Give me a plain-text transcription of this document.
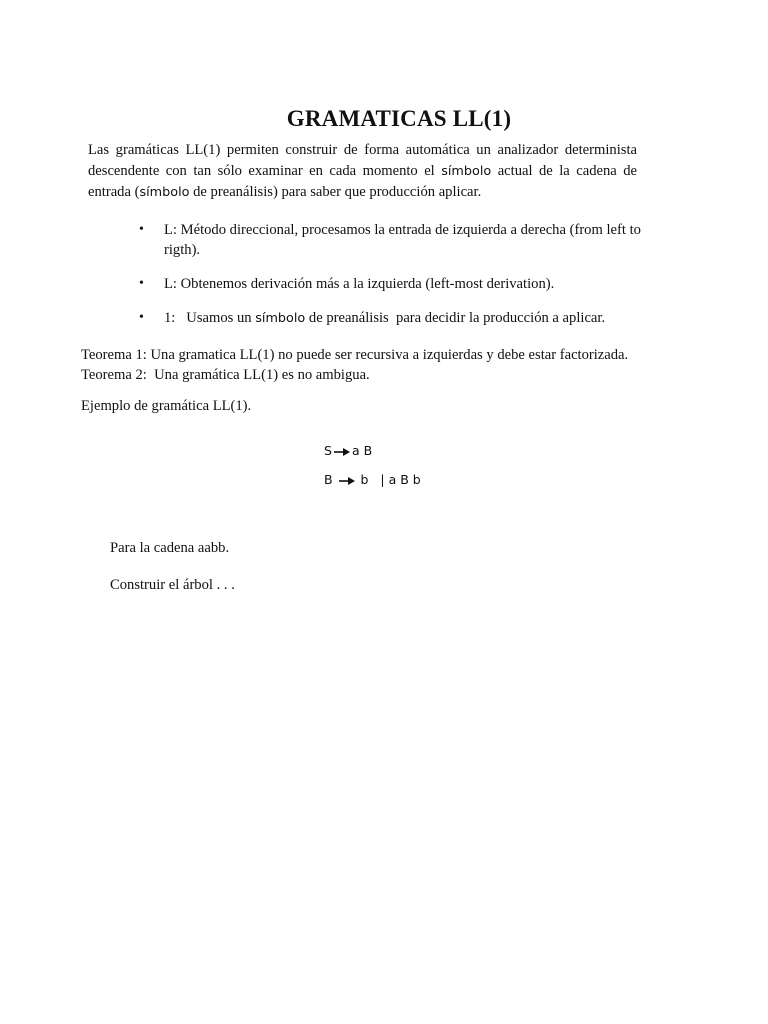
GRAMATICAS LL(1)
Las gramáticas LL(1) permiten construir de forma automática un analizador determinista descendente con tan sólo examinar en cada momento el símbolo actual de la cadena de entrada (símbolo de preanálisis) para saber que producción aplicar.
• L: Método direccional, procesamos la entrada de izquierda a derecha (from left to rigth).
• L: Obtenemos derivación más a la izquierda (left-most derivation).
• 1:   Usamos un símbolo de preanálisis  para decidir la producción a aplicar.
Teorema 1: Una gramatica LL(1) no puede ser recursiva a izquierdas y debe estar factorizada.
Teorema 2:  Una gramática LL(1) es no ambigua.
Ejemplo de gramática LL(1).
S a B
B  b   | a B b
Para la cadena aabb.
Construir el árbol . . .
